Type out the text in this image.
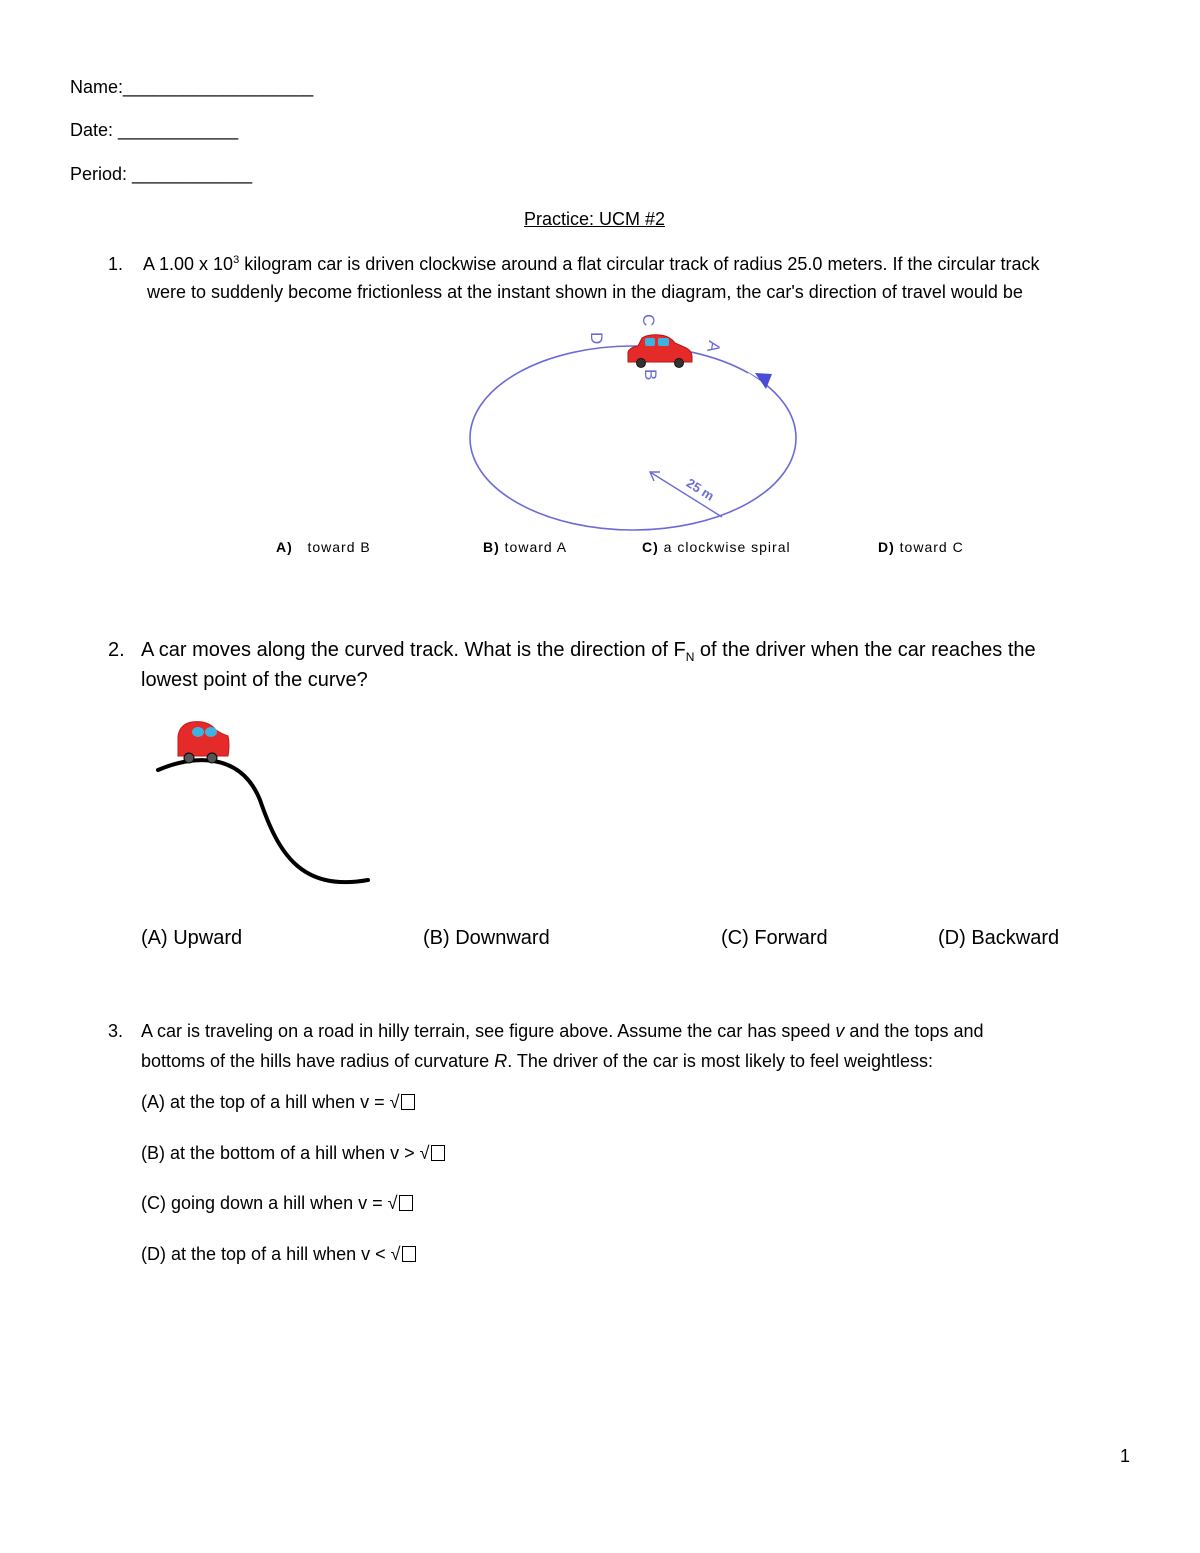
Name:___________________
Date: ____________
Period: ____________
Practice: UCM #2
1. A 1.00 x $10^3$ kilogram car is driven clockwise around a flat circular track of radius 25.0 meters. If the circular track
were to suddenly become frictionless at the instant shown in the diagram, the car's direction of travel would be
25 m
C
D
B
A
A) toward B	B) toward A	C) a clockwise spiral	D) toward C
2. A car moves along the curved track. What is the direction of $F_N$ of the driver when the car reaches the
lowest point of the curve?
(A) Upward	(B) Downward	(C) Forward	(D) Backward
3. A car is traveling on a road in hilly terrain, see figure above. Assume the car has speed v and the tops and
bottoms of the hills have radius of curvature R. The driver of the car is most likely to feel weightless:
(A) at the top of a hill when v = √
(B) at the bottom of a hill when v > √
(C) going down a hill when v = √
(D) at the top of a hill when v < √
1
